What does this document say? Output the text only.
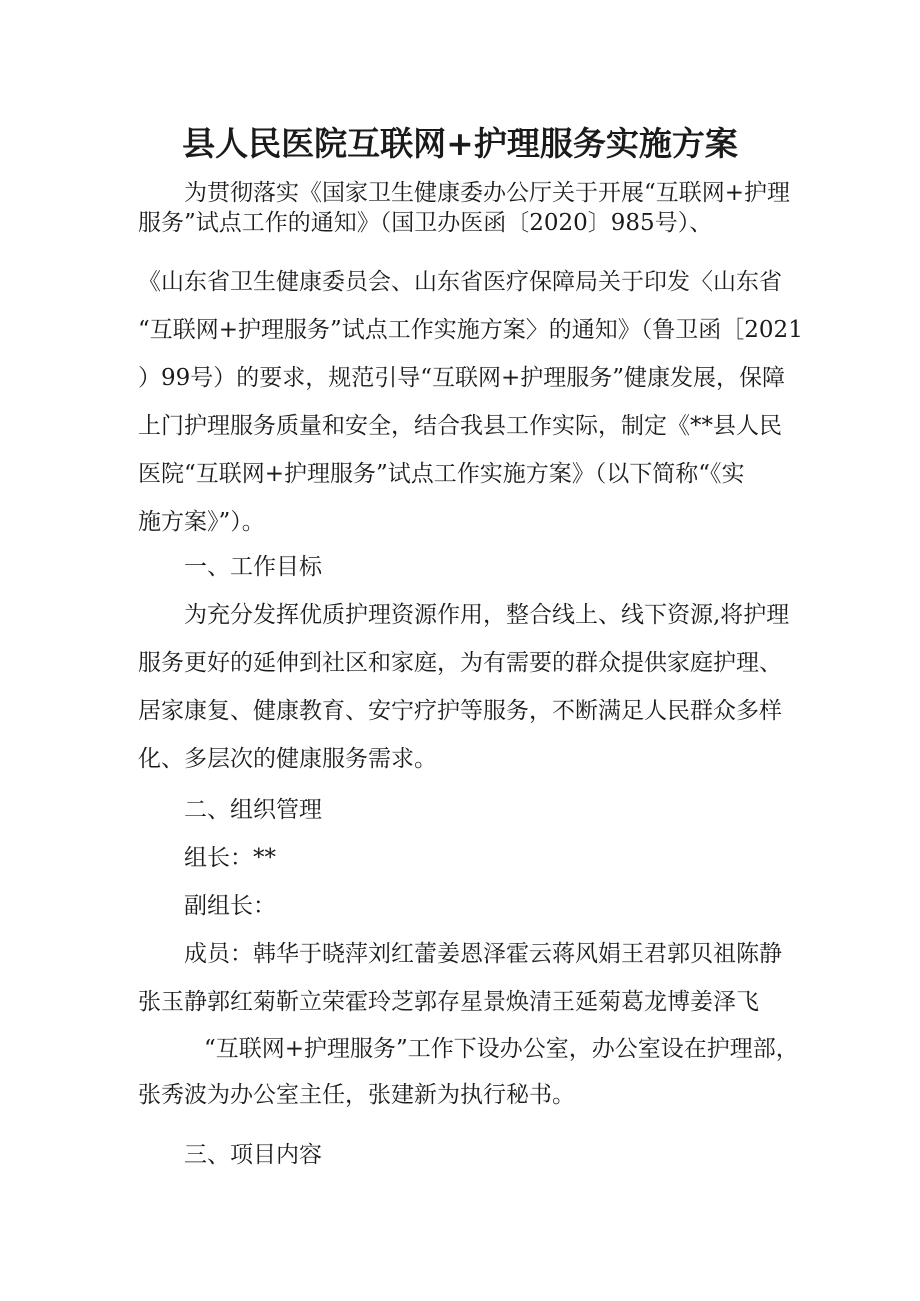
县人民医院互联网+护理服务实施方案
为贯彻落实《国家卫生健康委办公厅关于开展“互联网+护理
服务”试点工作的通知》（国卫办医函〔2020〕985号）、
《山东省卫生健康委员会、山东省医疗保障局关于印发〈山东省
“互联网+护理服务”试点工作实施方案〉的通知》（鲁卫函［2021
）99号）的要求，规范引导“互联网+护理服务”健康发展，保障
上门护理服务质量和安全，结合我县工作实际，制定《**县人民
医院“互联网+护理服务”试点工作实施方案》（以下简称“《实
施方案》”）。
一、工作目标
为充分发挥优质护理资源作用，整合线上、线下资源,将护理
服务更好的延伸到社区和家庭，为有需要的群众提供家庭护理、
居家康复、健康教育、安宁疗护等服务，不断满足人民群众多样
化、多层次的健康服务需求。
二、组织管理
组长：**
副组长：
成员：韩华于晓萍刘红蕾姜恩泽霍云蒋风娟王君郭贝祖陈静
张玉静郭红菊靳立荣霍玲芝郭存星景焕清王延菊葛龙博姜泽飞
“互联网+护理服务”工作下设办公室，办公室设在护理部，
张秀波为办公室主任，张建新为执行秘书。
三、项目内容
